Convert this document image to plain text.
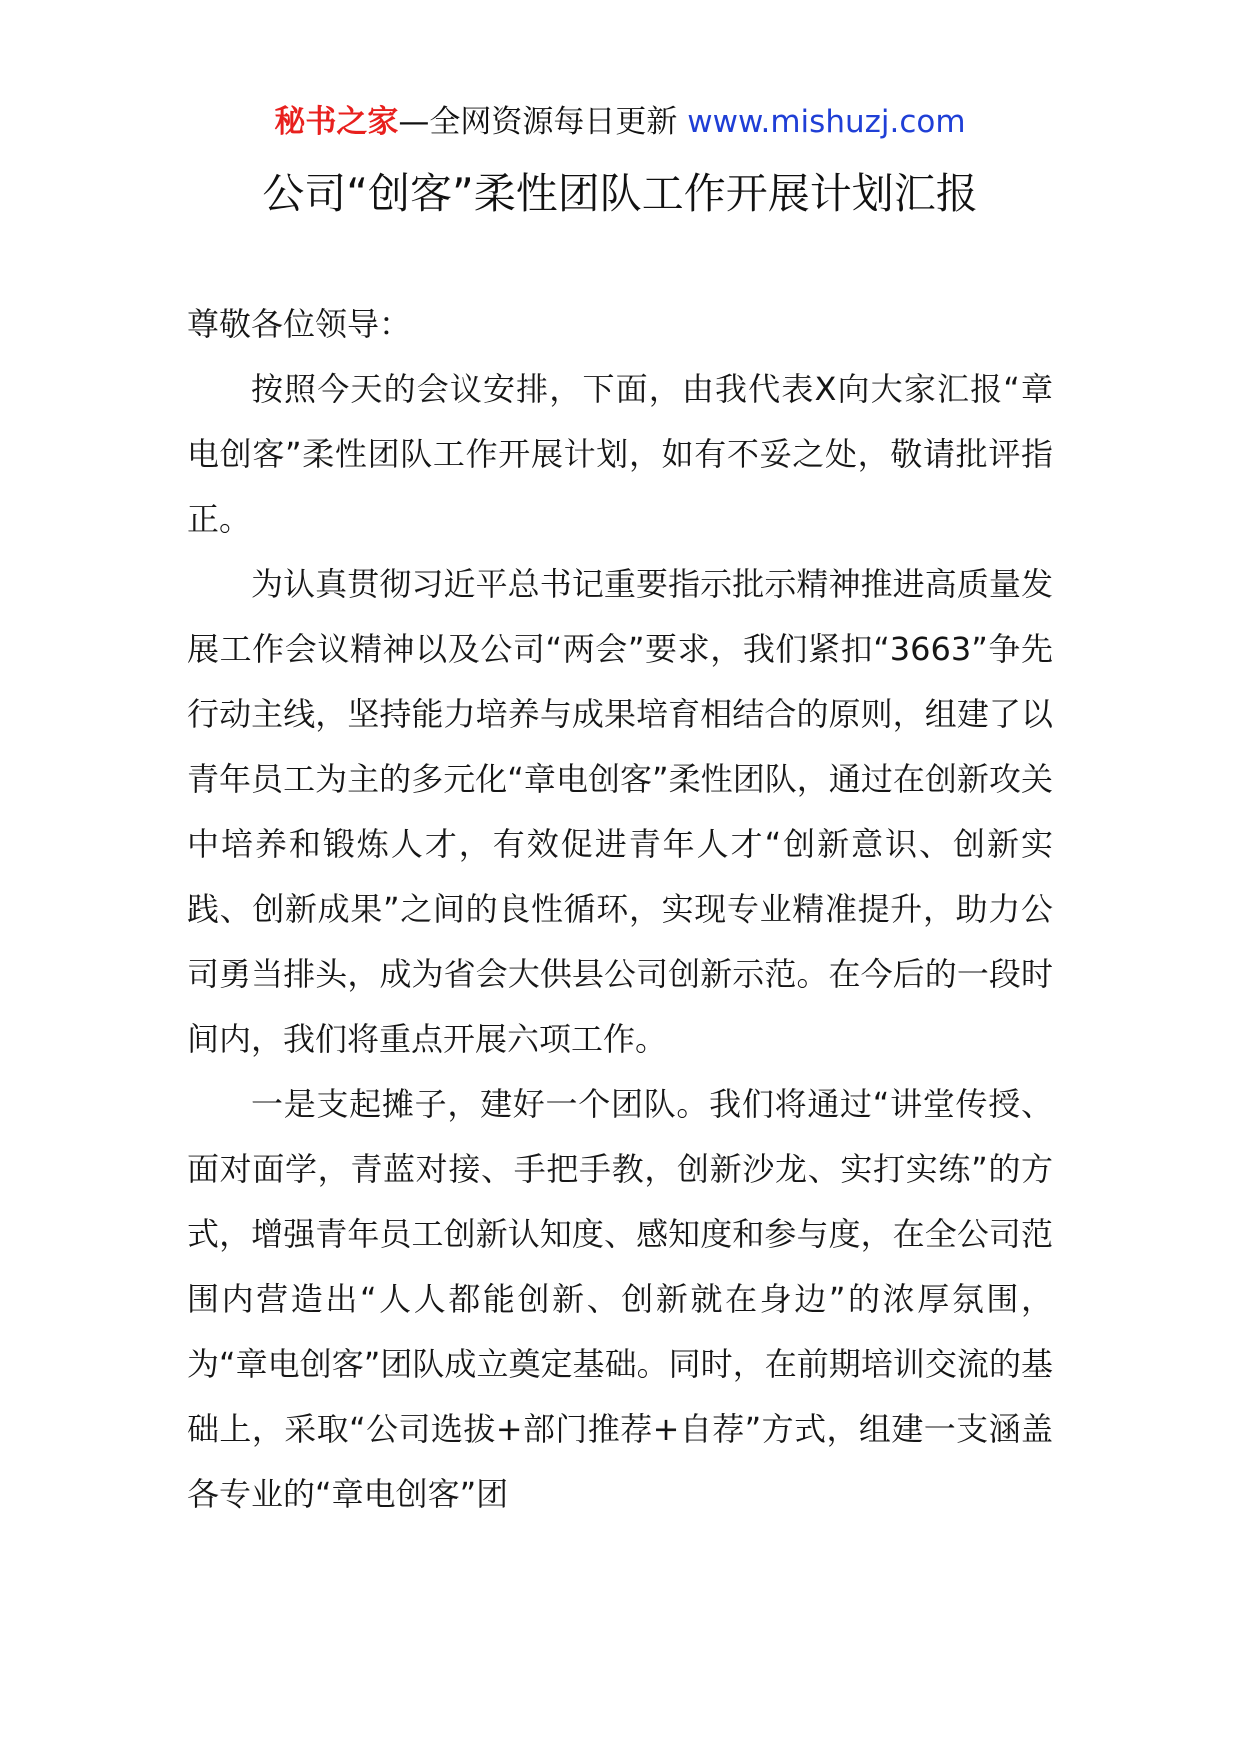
秘书之家—全网资源每日更新 www.mishuzj.com
公司“创客”柔性团队工作开展计划汇报

尊敬各位领导：

按照今天的会议安排，下面，由我代表X向大家汇报“章电创客”柔性团队工作开展计划，如有不妥之处，敬请批评指正。

为认真贯彻习近平总书记重要指示批示精神推进高质量发展工作会议精神以及公司“两会”要求，我们紧扣“3663”争先行动主线，坚持能力培养与成果培育相结合的原则，组建了以青年员工为主的多元化“章电创客”柔性团队，通过在创新攻关中培养和锻炼人才，有效促进青年人才“创新意识、创新实践、创新成果”之间的良性循环，实现专业精准提升，助力公司勇当排头，成为省会大供县公司创新示范。在今后的一段时间内，我们将重点开展六项工作。

一是支起摊子，建好一个团队。我们将通过“讲堂传授、面对面学，青蓝对接、手把手教，创新沙龙、实打实练”的方式，增强青年员工创新认知度、感知度和参与度，在全公司范围内营造出“人人都能创新、创新就在身边”的浓厚氛围，为“章电创客”团队成立奠定基础。同时，在前期培训交流的基础上，采取“公司选拔+部门推荐+自荐”方式，组建一支涵盖各专业的“章电创客”团
